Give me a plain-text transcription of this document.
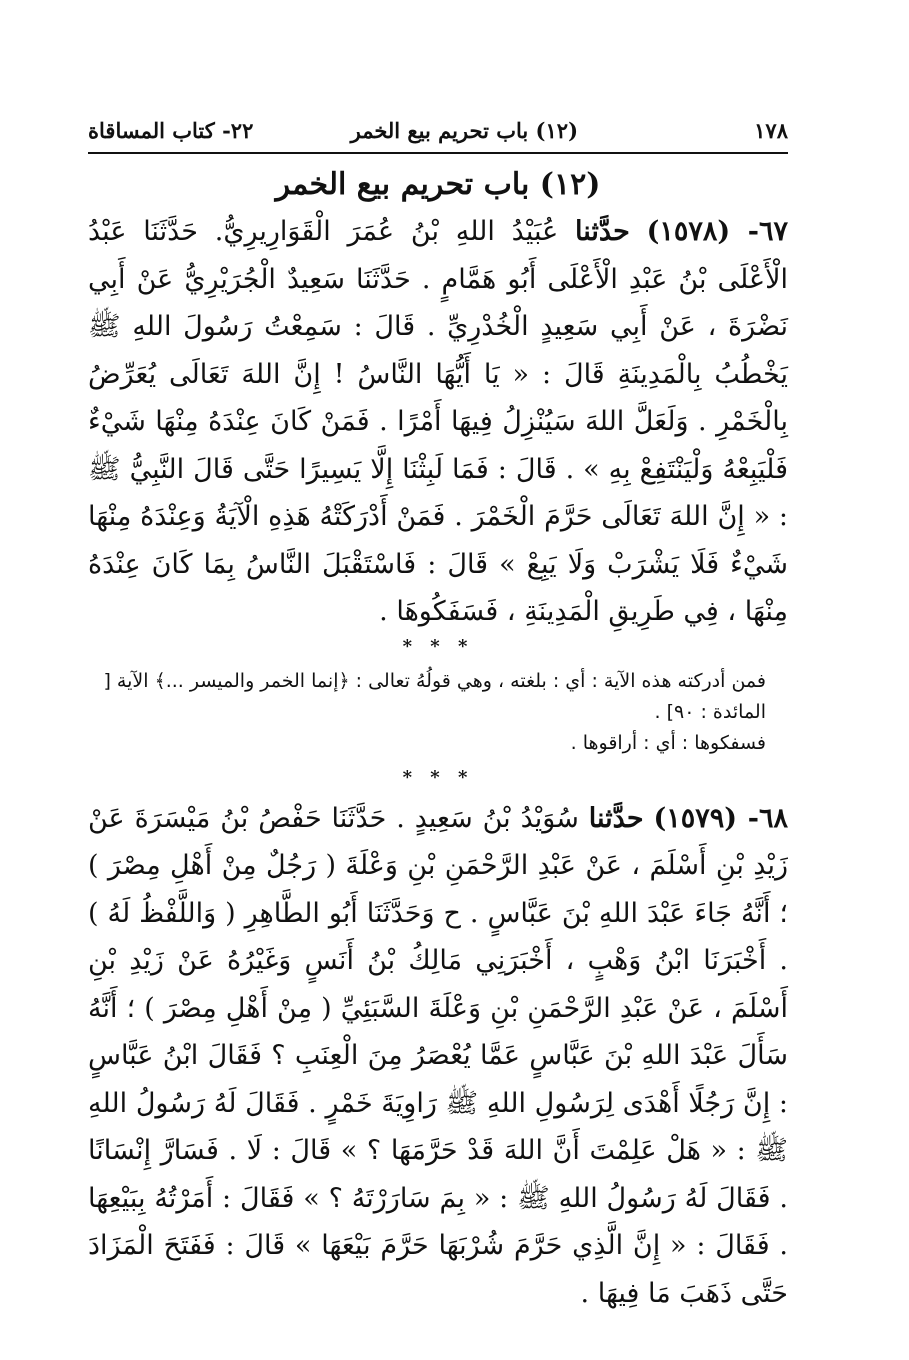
١٧٨
(١٢) باب تحريم بيع الخمر
٢٢- كتاب المساقاة
(١٢) باب تحريم بيع الخمر

٦٧- (١٥٧٨) حدَّثنا عُبَيْدُ اللهِ بْنُ عُمَرَ الْقَوَارِيرِيُّ. حَدَّثَنَا عَبْدُ الْأَعْلَى بْنُ عَبْدِ الْأَعْلَى أَبُو هَمَّامٍ . حَدَّثَنَا سَعِيدٌ الْجُرَيْرِيُّ عَنْ أَبِي نَضْرَةَ ، عَنْ أَبِي سَعِيدٍ الْخُدْرِيِّ . قَالَ : سَمِعْتُ رَسُولَ اللهِ ﷺ يَخْطُبُ بِالْمَدِينَةِ قَالَ : « يَا أَيُّهَا النَّاسُ ! إِنَّ اللهَ تَعَالَى يُعَرِّضُ بِالْخَمْرِ . وَلَعَلَّ اللهَ سَيُنْزِلُ فِيهَا أَمْرًا . فَمَنْ كَانَ عِنْدَهُ مِنْهَا شَيْءٌ فَلْيَبِعْهُ وَلْيَنْتَفِعْ بِهِ » . قَالَ : فَمَا لَبِثْنَا إِلَّا يَسِيرًا حَتَّى قَالَ النَّبِيُّ ﷺ : « إِنَّ اللهَ تَعَالَى حَرَّمَ الْخَمْرَ . فَمَنْ أَدْرَكَتْهُ هَذِهِ الْآيَةُ وَعِنْدَهُ مِنْهَا شَيْءٌ فَلَا يَشْرَبْ وَلَا يَبِعْ » قَالَ : فَاسْتَقْبَلَ النَّاسُ بِمَا كَانَ عِنْدَهُ مِنْهَا ، فِي طَرِيقِ الْمَدِينَةِ ، فَسَفَكُوهَا .

* * *

فمن أدركته هذه الآية : أي : بلغته ، وهي قولُهُ تعالى : ﴿إنما الخمر والميسر ...﴾ الآية [ المائدة : ٩٠] .

فسفكوها : أي : أراقوها .

* * *

٦٨- (١٥٧٩) حدَّثنا سُوَيْدُ بْنُ سَعِيدٍ . حَدَّثَنَا حَفْصُ بْنُ مَيْسَرَةَ عَنْ زَيْدِ بْنِ أَسْلَمَ ، عَنْ عَبْدِ الرَّحْمَنِ بْنِ وَعْلَةَ ( رَجُلٌ مِنْ أَهْلِ مِصْرَ ) ؛ أَنَّهُ جَاءَ عَبْدَ اللهِ بْنَ عَبَّاسٍ . ح وَحَدَّثَنَا أَبُو الطَّاهِرِ ( وَاللَّفْظُ لَهُ ) . أَخْبَرَنَا ابْنُ وَهْبٍ ، أَخْبَرَنِي مَالِكُ بْنُ أَنَسٍ وَغَيْرُهُ عَنْ زَيْدِ بْنِ أَسْلَمَ ، عَنْ عَبْدِ الرَّحْمَنِ بْنِ وَعْلَةَ السَّبَئِيِّ ( مِنْ أَهْلِ مِصْرَ ) ؛ أَنَّهُ سَأَلَ عَبْدَ اللهِ بْنَ عَبَّاسٍ عَمَّا يُعْصَرُ مِنَ الْعِنَبِ ؟ فَقَالَ ابْنُ عَبَّاسٍ : إِنَّ رَجُلًا أَهْدَى لِرَسُولِ اللهِ ﷺ رَاوِيَةَ خَمْرٍ . فَقَالَ لَهُ رَسُولُ اللهِ ﷺ : « هَلْ عَلِمْتَ أَنَّ اللهَ قَدْ حَرَّمَهَا ؟ » قَالَ : لَا . فَسَارَّ إِنْسَانًا . فَقَالَ لَهُ رَسُولُ اللهِ ﷺ : « بِمَ سَارَرْتَهُ ؟ » فَقَالَ : أَمَرْتُهُ بِبَيْعِهَا . فَقَالَ : « إِنَّ الَّذِي حَرَّمَ شُرْبَهَا حَرَّمَ بَيْعَهَا » قَالَ : فَفَتَحَ الْمَزَادَ حَتَّى ذَهَبَ مَا فِيهَا .
